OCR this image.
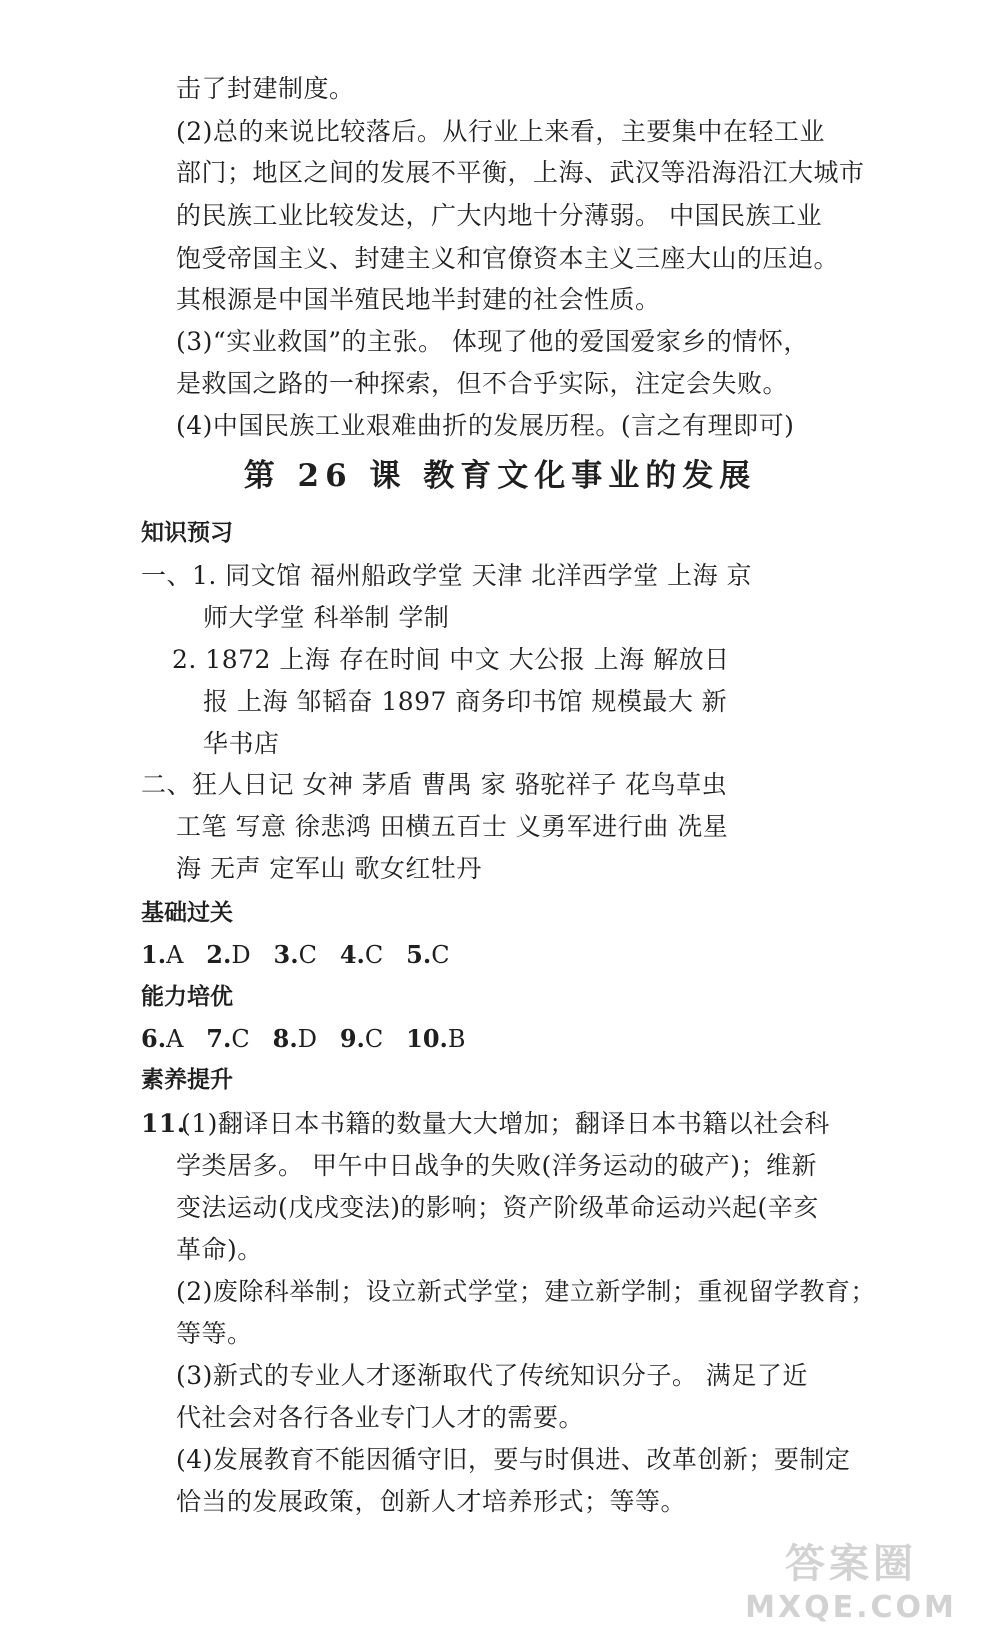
击了封建制度。
(2)总的来说比较落后。从行业上来看，主要集中在轻工业
部门；地区之间的发展不平衡，上海、武汉等沿海沿江大城市
的民族工业比较发达，广大内地十分薄弱。 中国民族工业
饱受帝国主义、封建主义和官僚资本主义三座大山的压迫。
其根源是中国半殖民地半封建的社会性质。
(3)“实业救国”的主张。 体现了他的爱国爱家乡的情怀，
是救国之路的一种探索，但不合乎实际，注定会失败。
(4)中国民族工业艰难曲折的发展历程。(言之有理即可)
第 26 课 教育文化事业的发展
知识预习
一、1. 同文馆 福州船政学堂 天津 北洋西学堂 上海 京
师大学堂 科举制 学制
2. 1872 上海 存在时间 中文 大公报 上海 解放日
报 上海 邹韬奋 1897 商务印书馆 规模最大 新
华书店
二、狂人日记 女神 茅盾 曹禺 家 骆驼祥子 花鸟草虫
工笔 写意 徐悲鸿 田横五百士 义勇军进行曲 冼星
海 无声 定军山 歌女红牡丹
基础过关
1.A 2.D 3.C 4.C 5.C
能力培优
6.A 7.C 8.D 9.C 10.B
素养提升
11.
(1)翻译日本书籍的数量大大增加；翻译日本书籍以社会科
学类居多。 甲午中日战争的失败(洋务运动的破产)；维新
变法运动(戊戌变法)的影响；资产阶级革命运动兴起(辛亥
革命)。
(2)废除科举制；设立新式学堂；建立新学制；重视留学教育；
等等。
(3)新式的专业人才逐渐取代了传统知识分子。 满足了近
代社会对各行各业专门人才的需要。
(4)发展教育不能因循守旧，要与时俱进、改革创新；要制定
恰当的发展政策，创新人才培养形式；等等。
答案圈
MXQE.COM
